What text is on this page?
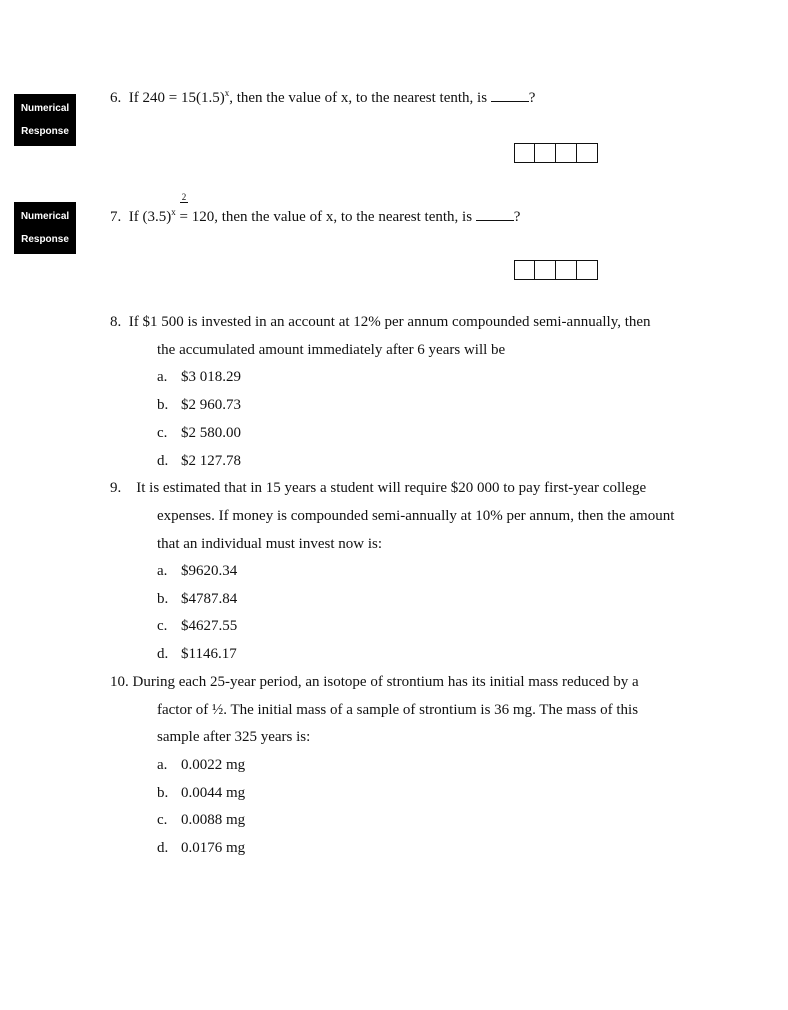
Numerical
Response
Numerical
Response
6. If $240 = 15(1.5)^x$, then the value of x, to the nearest tenth, is	?
2
7. If $(3.5)^x = 120$, then the value of x, to the nearest tenth, is	?
8. If $1 500 is invested in an account at 12% per annum compounded semi-annually, then
the accumulated amount immediately after 6 years will be
a. $3 018.29
b. $2 960.73
c. $2 580.00
d. $2 127.78
9. It is estimated that in 15 years a student will require $20 000 to pay first-year college
expenses. If money is compounded semi-annually at 10% per annum, then the amount
that an individual must invest now is:
a. $9620.34
b. $4787.84
c. $4627.55
d. $1146.17
10. During each 25-year period, an isotope of strontium has its initial mass reduced by a
factor of ½. The initial mass of a sample of strontium is 36 mg. The mass of this
sample after 325 years is:
a. 0.0022 mg
b. 0.0044 mg
c. 0.0088 mg
d. 0.0176 mg
